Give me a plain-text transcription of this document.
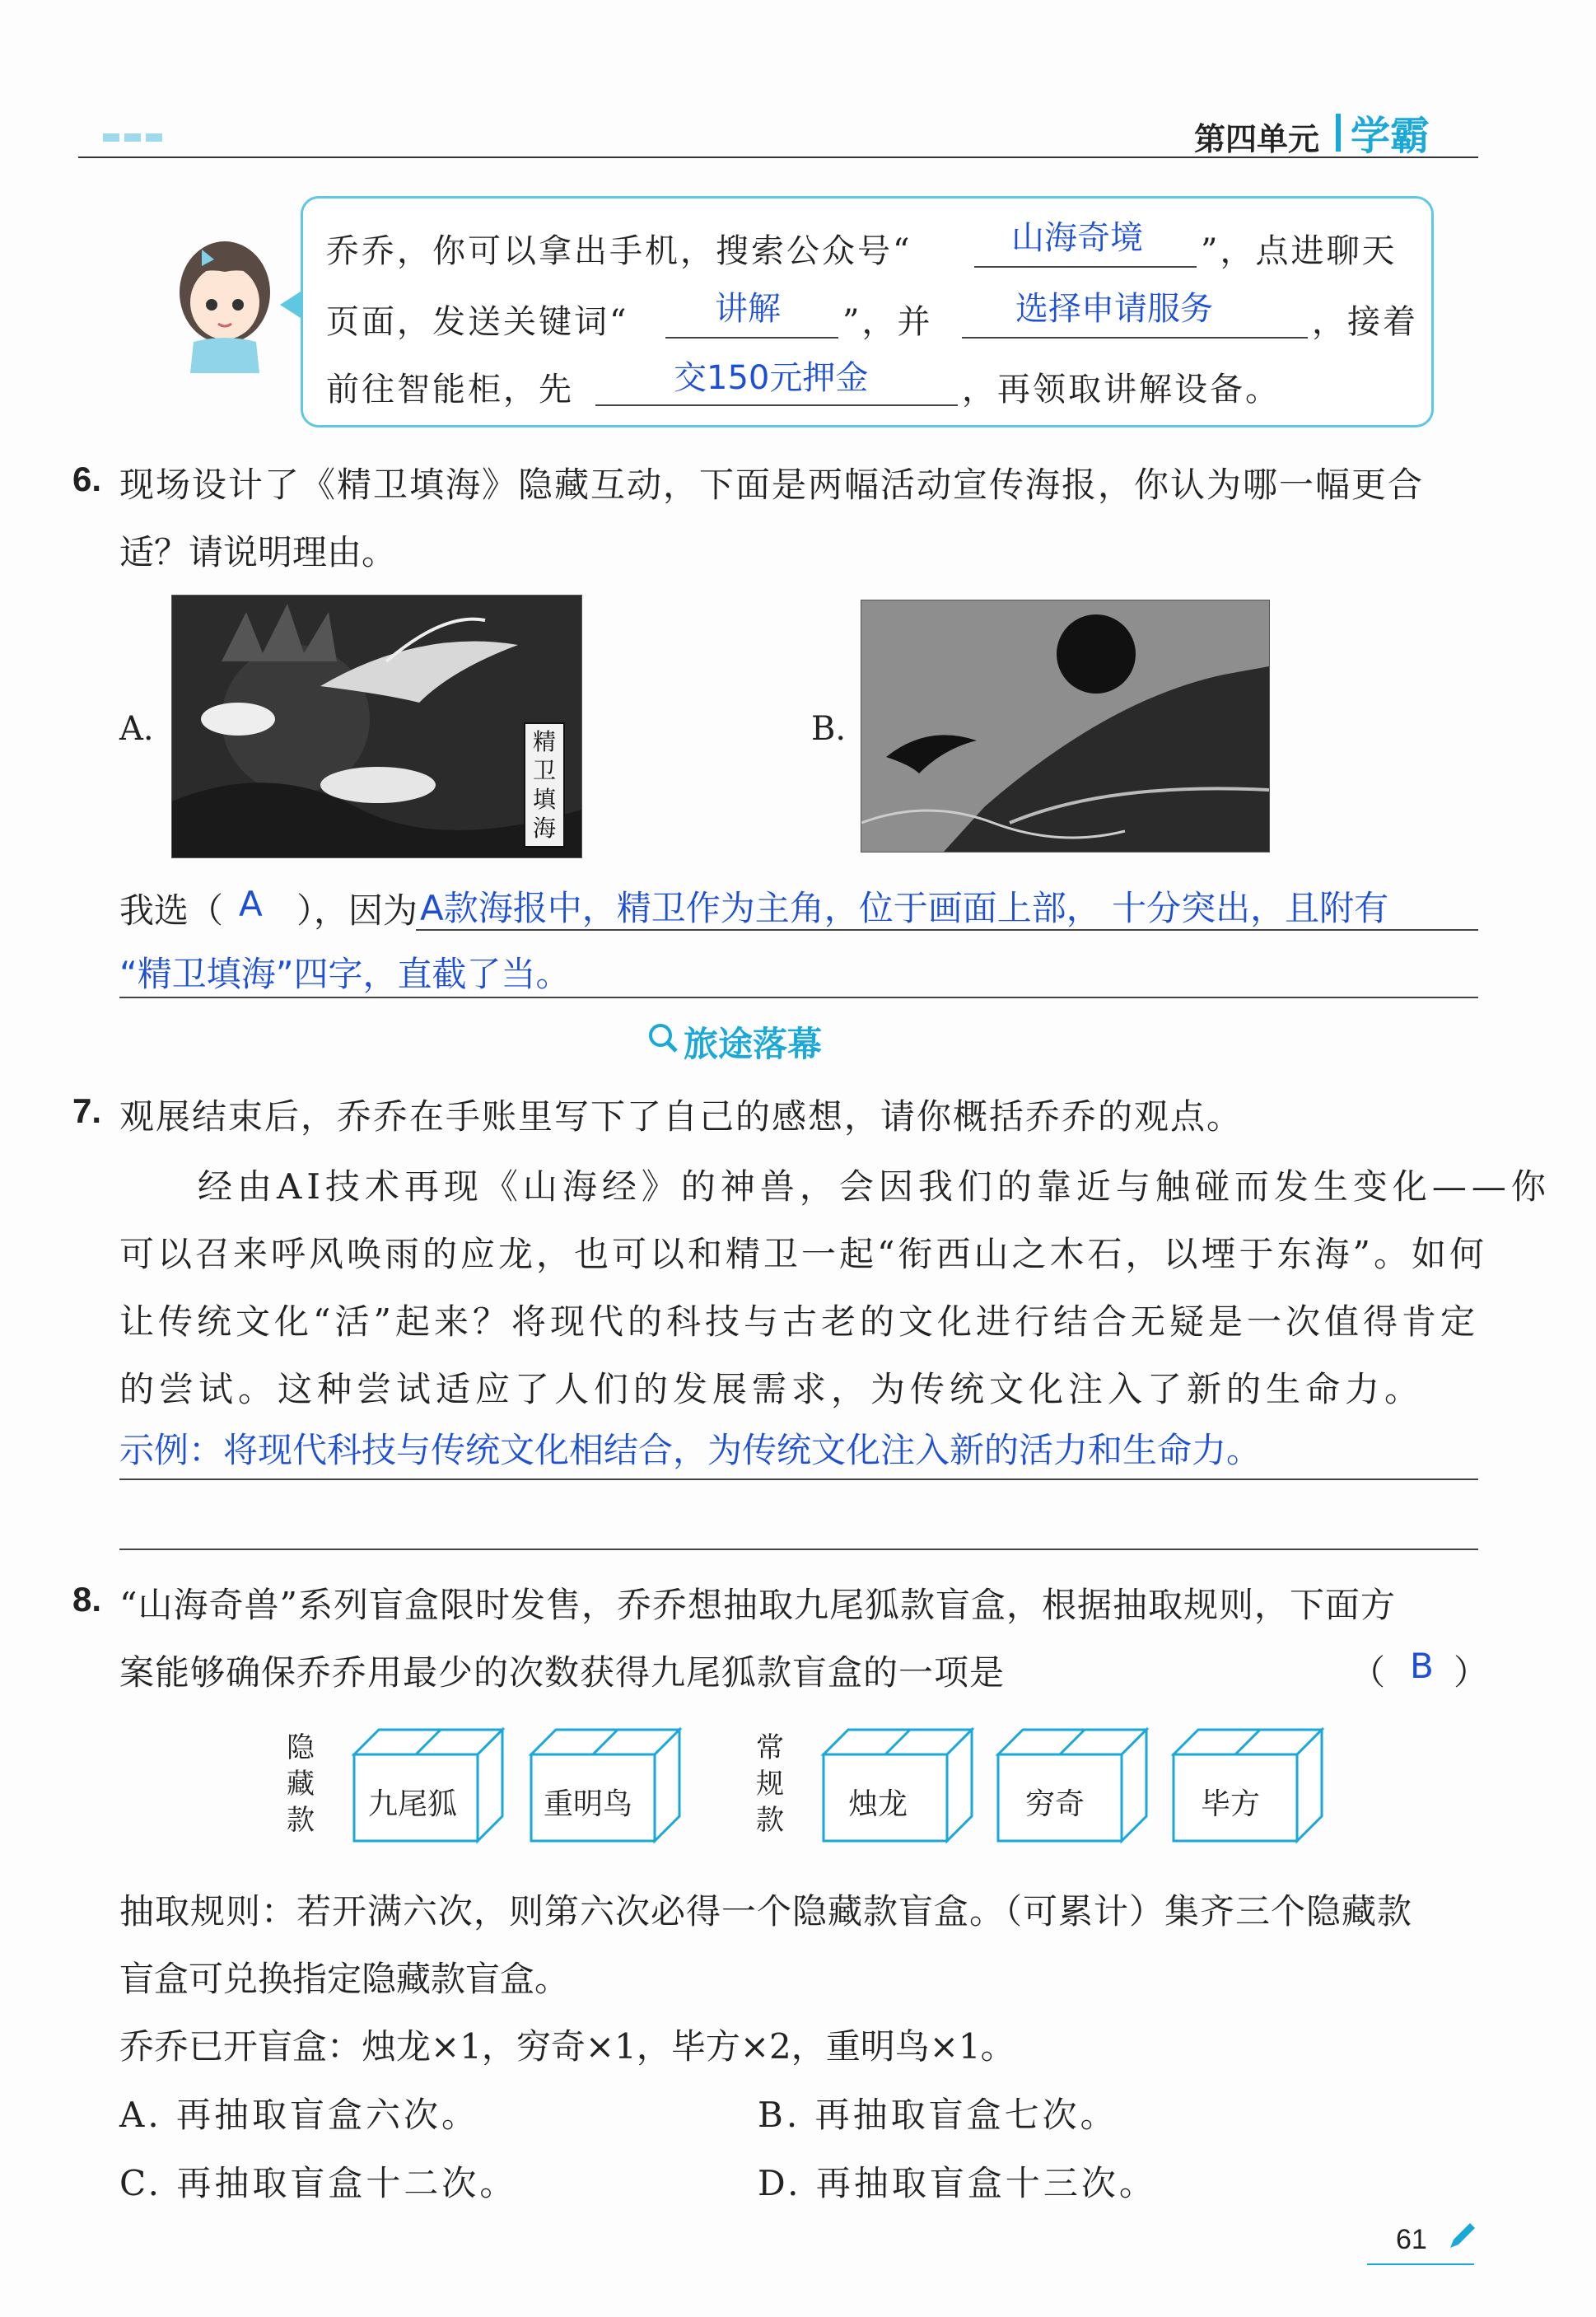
第四单元 学霸
乔乔，你可以拿出手机，搜索公众号“	山海奇境 ”，点进聊天
页面，发送关键词“	讲解 ”，并	选择申请服务	，接着
前往智能柜，先	交150元押金	，再领取讲解设备。
6. 现场设计了《精卫填海》隐藏互动，下面是两幅活动宣传海报，你认为哪一幅更合
适？请说明理由。
A.	精卫填海
B.
我选（ A ），因为 A款海报中，精卫作为主角，位于画面上部， 十分突出，且附有
“精卫填海”四字，直截了当。
旅途落幕
7. 观展结束后，乔乔在手账里写下了自己的感想，请你概括乔乔的观点。
经由AI技术再现《山海经》的神兽，会因我们的靠近与触碰而发生变化——你
可以召来呼风唤雨的应龙，也可以和精卫一起“衔西山之木石，以堙于东海”。如何
让传统文化“活”起来？将现代的科技与古老的文化进行结合无疑是一次值得肯定
的尝试。这种尝试适应了人们的发展需求，为传统文化注入了新的生命力。
示例：将现代科技与传统文化相结合，为传统文化注入新的活力和生命力。
8. “山海奇兽”系列盲盒限时发售，乔乔想抽取九尾狐款盲盒，根据抽取规则，下面方
案能够确保乔乔用最少的次数获得九尾狐款盲盒的一项是	（ B ）
隐藏款
常规款
九尾狐	重明鸟	烛龙	穷奇	毕方
抽取规则：若开满六次，则第六次必得一个隐藏款盲盒。（可累计）集齐三个隐藏款
盲盒可兑换指定隐藏款盲盒。
乔乔已开盲盒：烛龙×1，穷奇×1，毕方×2，重明鸟×1。
A. 再抽取盲盒六次。	B. 再抽取盲盒七次。
C. 再抽取盲盒十二次。	D. 再抽取盲盒十三次。
61
